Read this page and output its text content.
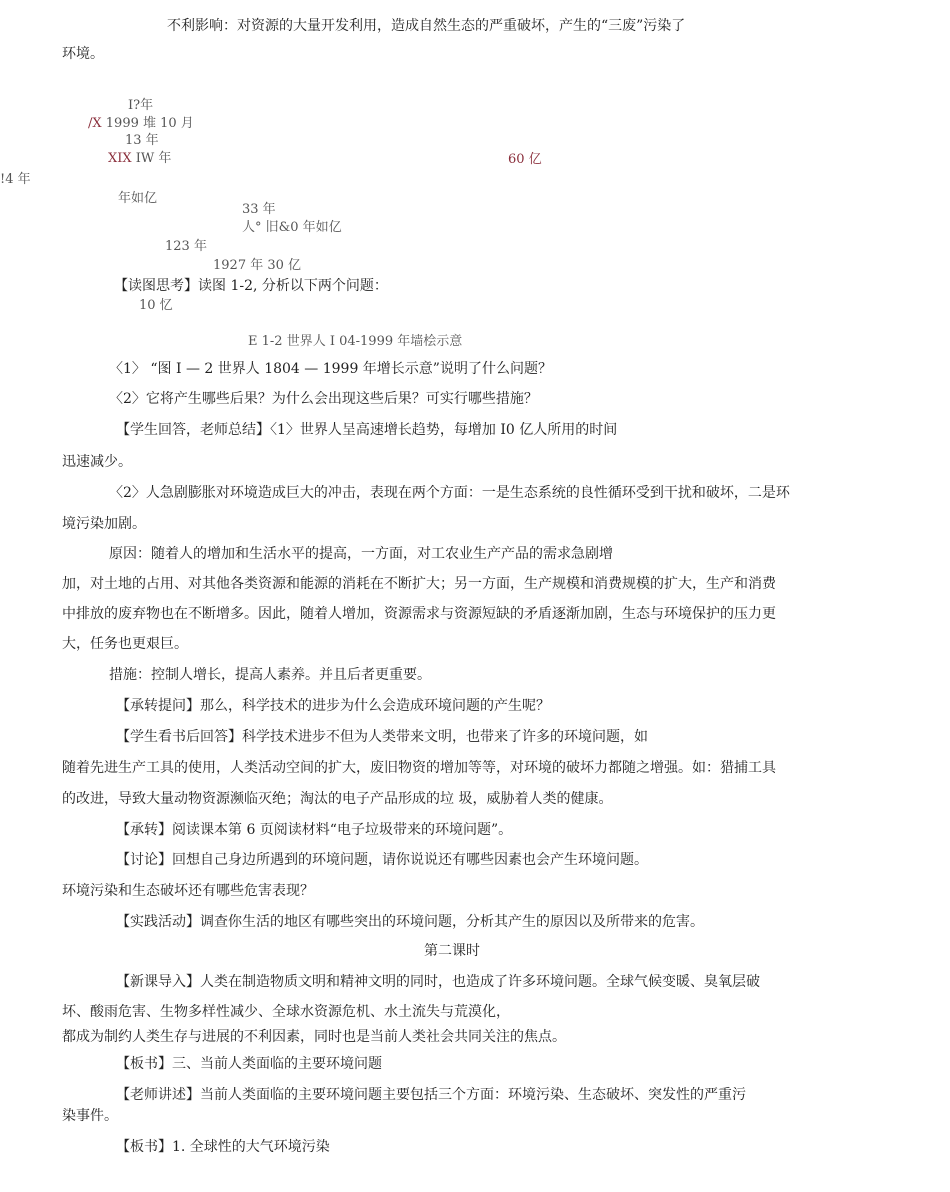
不利影响：对资源的大量开发利用，造成自然生态的严重破坏，产生的“三废”污染了
环境。
I?年
/X 1999 堆 10 月
13 年
XIX IW 年	60 亿
!4 年
年如亿
33 年
人° 旧&0 年如亿
123 年
1927 年 30 亿
10 忆
E 1-2 世界人 I 04-1999 年墙桧示意
【读图思考】读图 1-2, 分析以下两个问题：
〈1〉 “图 I — 2 世界人 1804 — 1999 年增长示意”说明了什么问题？
〈2〉它将产生哪些后果？为什么会出现这些后果？可实行哪些措施？
【学生回答，老师总结】〈1〉世界人呈高速增长趋势，每增加 I0 亿人所用的时间
迅速减少。
〈2〉人急剧膨胀对环境造成巨大的冲击，表现在两个方面：一是生态系统的良性循环受到干扰和破坏，二是环
境污染加剧。
原因：随着人的增加和生活水平的提高，一方面，对工农业生产产品的需求急剧增
加，对土地的占用、对其他各类资源和能源的消耗在不断扩大；另一方面，生产规模和消费规模的扩大，生产和消费
中排放的废弃物也在不断增多。因此，随着人增加，资源需求与资源短缺的矛盾逐渐加剧，生态与环境保护的压力更
大，任务也更艰巨。
措施：控制人增长，提高人素养。并且后者更重要。
【承转提问】那么，科学技术的进步为什么会造成环境问题的产生呢？
【学生看书后回答】科学技术进步不但为人类带来文明，也带来了许多的环境问题，如
随着先进生产工具的使用，人类活动空间的扩大，废旧物资的增加等等，对环境的破坏力都随之增强。如：猎捕工具
的改进，导致大量动物资源濒临灭绝；淘汰的电子产品形成的垃 圾，威胁着人类的健康。
【承转】阅读课本第 6 页阅读材料“电子垃圾带来的环境问题”。
【讨论】回想自己身边所遇到的环境问题，请你说说还有哪些因素也会产生环境问题。
环境污染和生态破坏还有哪些危害表现？
【实践活动】调查你生活的地区有哪些突出的环境问题，分析其产生的原因以及所带来的危害。
第二课时
【新课导入】人类在制造物质文明和精神文明的同时，也造成了许多环境问题。全球气候变暖、臭氧层破
坏、酸雨危害、生物多样性减少、全球水资源危机、水土流失与荒漠化，
都成为制约人类生存与进展的不利因素，同时也是当前人类社会共同关注的焦点。
【板书】三、当前人类面临的主要环境问题
【老师讲述】当前人类面临的主要环境问题主要包括三个方面：环境污染、生态破坏、突发性的严重污
染事件。
【板书】1. 全球性的大气环境污染
